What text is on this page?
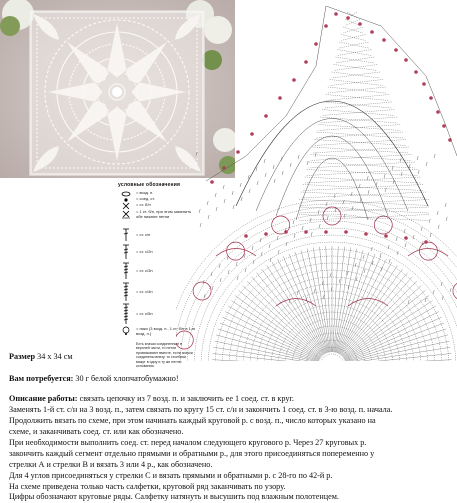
условные обозначения
= возд. п.
= соед. ст.
= ст. б/н
= 1 ст. б/н, при этом заменить обе нижние петли
= ст. с/н
= ст. с/2н
= ст. с/3н
= ст. с/4н
= ст. с/5н
= пико (3 возд. п., 1 ст. б/н в 1-ю возд. п.)
Есть значки соединенные в верхней части, то петли провязывают вместе, если значки соединены внизу, то столбики вяжут в одну и ту же петлю основания.
Размер 34 х 34 см
Вам потребуется: 30 г белой хлопчатобумажно!
Описание работы: связать цепочку из 7 возд. п. и заключить ее 1 соед. ст. в круг.
Заменять 1-й ст. с/н на 3 возд. п., затем связать по кругу 15 ст. с/н и закончить 1 соед. ст. в 3-ю возд. п. начала.
Продолжить вязать по схеме, при этом начинать каждый круговой р. с возд. п., число которых указано на
схеме, и заканчивать соед. ст. или как обозначено.
При необходимости выполнить соед. ст. перед началом следующего кругового р. Через 27 круговых р.
закончить каждый сегмент отдельно прямыми и обратными р., для этого присоединяться попеременно у
стрелки А и стрелки В и вязать 3 или 4 р., как обозначено.
Для 4 углов присоединяться у стрелки С и вязать прямыми и обратными р. с 28-го по 42-й р.
На схеме приведена только часть салфетки, круговой ряд заканчивать по узору.
Цифры обозначают круговые ряды. Салфетку натянуть и высушить под влажным полотенцем.
